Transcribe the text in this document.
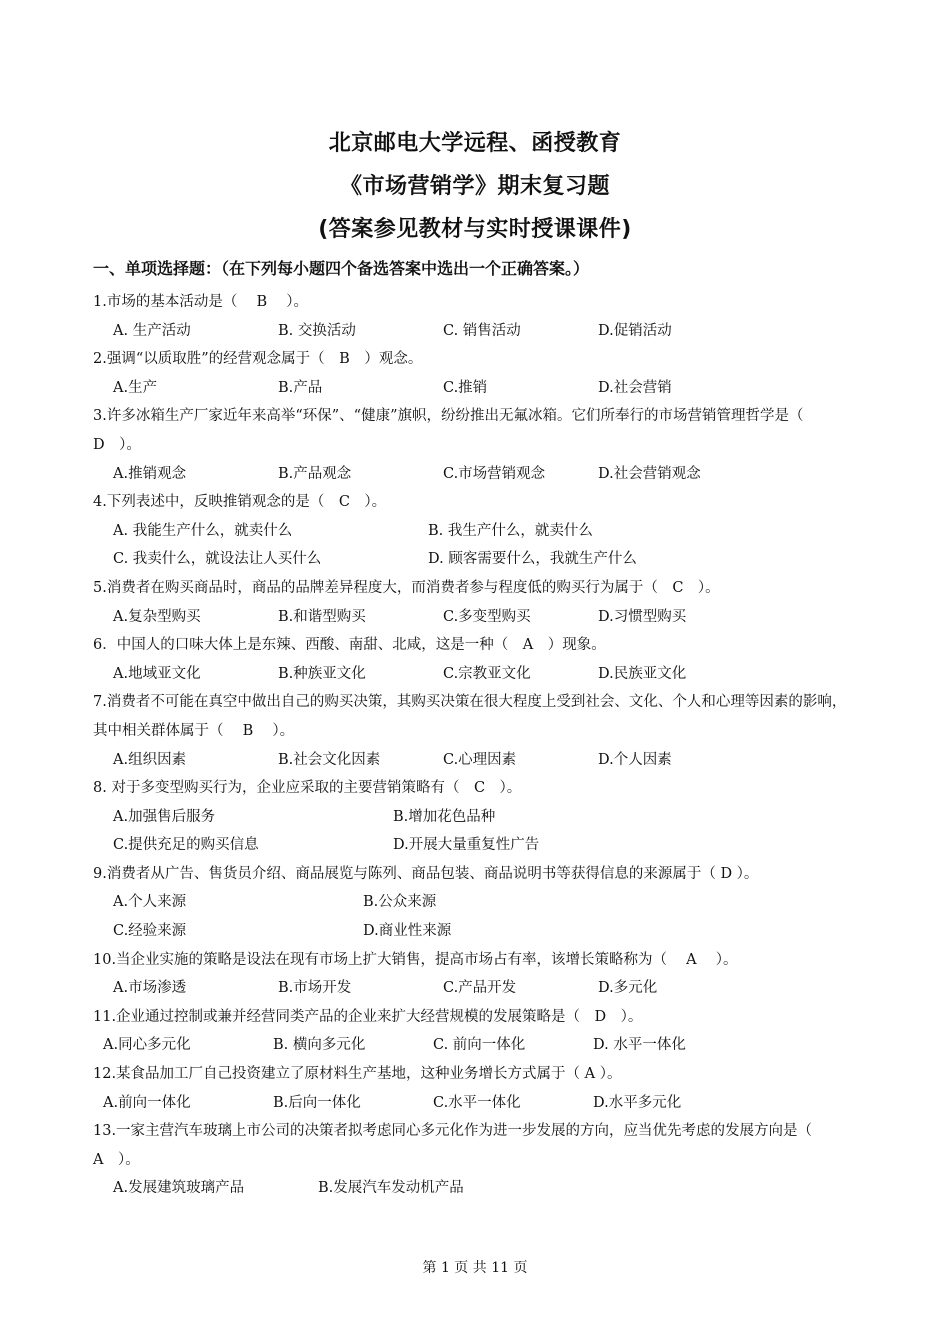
北京邮电大学远程、函授教育
《市场营销学》期末复习题
(答案参见教材与实时授课课件)
一、单项选择题：（在下列每小题四个备选答案中选出一个正确答案。）
1.市场的基本活动是（　 B　 ）。
A. 生产活动	B. 交换活动	C. 销售活动	D.促销活动
2.强调“以质取胜”的经营观念属于（　B　）观念。
A.生产	B.产品	C.推销	D.社会营销
3.许多冰箱生产厂家近年来高举“环保”、“健康”旗帜，纷纷推出无氟冰箱。它们所奉行的市场营销管理哲学是（　D　）。
A.推销观念	B.产品观念	C.市场营销观念	D.社会营销观念
4.下列表述中，反映推销观念的是（　C　）。
A. 我能生产什么，就卖什么	B. 我生产什么，就卖什么
C. 我卖什么，就设法让人买什么	D. 顾客需要什么，我就生产什么
5.消费者在购买商品时，商品的品牌差异程度大，而消费者参与程度低的购买行为属于（　C　）。
A.复杂型购买	B.和谐型购买	C.多变型购买	D.习惯型购买
6．中国人的口味大体上是东辣、西酸、南甜、北咸，这是一种（　A　）现象。
A.地域亚文化	B.种族亚文化	C.宗教亚文化	D.民族亚文化
7.消费者不可能在真空中做出自己的购买决策，其购买决策在很大程度上受到社会、文化、个人和心理等因素的影响，其中相关群体属于（　 B　 ）。
A.组织因素	B.社会文化因素	C.心理因素	D.个人因素
8. 对于多变型购买行为，企业应采取的主要营销策略有（　C　）。
A.加强售后服务	B.增加花色品种
C.提供充足的购买信息	D.开展大量重复性广告
9.消费者从广告、售货员介绍、商品展览与陈列、商品包装、商品说明书等获得信息的来源属于（ D ）。
A.个人来源	B.公众来源
C.经验来源	D.商业性来源
10.当企业实施的策略是设法在现有市场上扩大销售，提高市场占有率，该增长策略称为（　 A　 ）。
A.市场渗透	B.市场开发	C.产品开发	D.多元化
11.企业通过控制或兼并经营同类产品的企业来扩大经营规模的发展策略是（　D　）。
A.同心多元化	B. 横向多元化	C. 前向一体化	D. 水平一体化
12.某食品加工厂自己投资建立了原材料生产基地，这种业务增长方式属于（ A ）。
A.前向一体化	B.后向一体化	C.水平一体化	D.水平多元化
13.一家主营汽车玻璃上市公司的决策者拟考虑同心多元化作为进一步发展的方向，应当优先考虑的发展方向是（　A　）。
A.发展建筑玻璃产品	B.发展汽车发动机产品
第 1 页 共 11 页
